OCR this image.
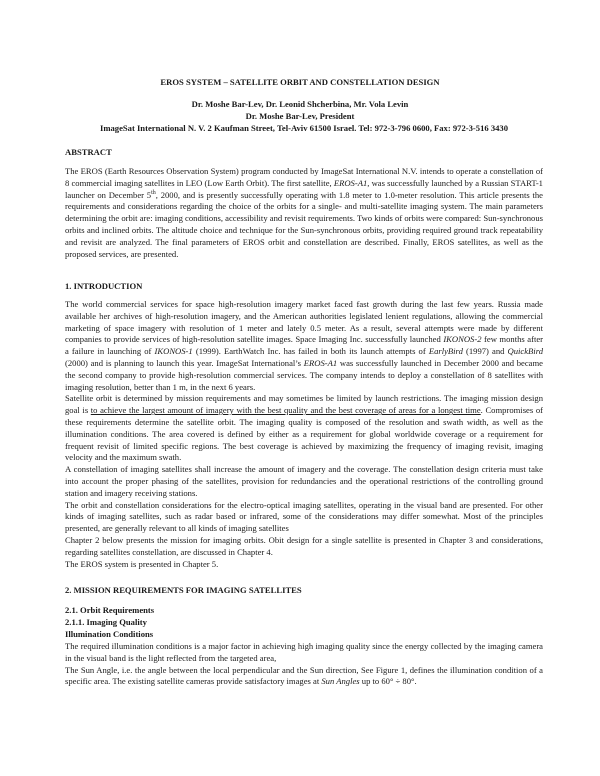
EROS SYSTEM – SATELLITE ORBIT AND CONSTELLATION DESIGN
Dr. Moshe Bar-Lev, Dr. Leonid Shcherbina, Mr. Vola Levin
Dr. Moshe Bar-Lev, President
ImageSat International N. V. 2 Kaufman Street, Tel-Aviv 61500 Israel. Tel: 972-3-796 0600, Fax: 972-3-516 3430
ABSTRACT

The EROS (Earth Resources Observation System) program conducted by ImageSat International N.V. intends to operate a constellation of 8 commercial imaging satellites in LEO (Low Earth Orbit). The first satellite, EROS-A1, was successfully launched by a Russian START-1 launcher on December 5th, 2000, and is presently successfully operating with 1.8 meter to 1.0-meter resolution. This article presents the requirements and considerations regarding the choice of the orbits for a single- and multi-satellite imaging system. The main parameters determining the orbit are: imaging conditions, accessibility and revisit requirements. Two kinds of orbits were compared: Sun-synchronous orbits and inclined orbits. The altitude choice and technique for the Sun-synchronous orbits, providing required ground track repeatability and revisit are analyzed. The final parameters of EROS orbit and constellation are described. Finally, EROS satellites, as well as the proposed services, are presented.

1. INTRODUCTION

The world commercial services for space high-resolution imagery market faced fast growth during the last few years. Russia made available her archives of high-resolution imagery, and the American authorities legislated lenient regulations, allowing the commercial marketing of space imagery with resolution of 1 meter and lately 0.5 meter. As a result, several attempts were made by different companies to provide services of high-resolution satellite images. Space Imaging Inc. successfully launched IKONOS-2 few months after a failure in launching of IKONOS-1 (1999). EarthWatch Inc. has failed in both its launch attempts of EarlyBird (1997) and QuickBird (2000) and is planning to launch this year. ImageSat International’s EROS-A1 was successfully launched in December 2000 and became the second company to provide high-resolution commercial services. The company intends to deploy a constellation of 8 satellites with imaging resolution, better than 1 m, in the next 6 years.

Satellite orbit is determined by mission requirements and may sometimes be limited by launch restrictions. The imaging mission design goal is to achieve the largest amount of imagery with the best quality and the best coverage of areas for a longest time. Compromises of these requirements determine the satellite orbit. The imaging quality is composed of the resolution and swath width, as well as the illumination conditions. The area covered is defined by either as a requirement for global worldwide coverage or a requirement for frequent revisit of limited specific regions. The best coverage is achieved by maximizing the frequency of imaging revisit, imaging velocity and the maximum swath.

A constellation of imaging satellites shall increase the amount of imagery and the coverage. The constellation design criteria must take into account the proper phasing of the satellites, provision for redundancies and the operational restrictions of the controlling ground station and imagery receiving stations.

The orbit and constellation considerations for the electro-optical imaging satellites, operating in the visual band are presented. For other kinds of imaging satellites, such as radar based or infrared, some of the considerations may differ somewhat. Most of the principles presented, are generally relevant to all kinds of imaging satellites

Chapter 2 below presents the mission for imaging orbits. Obit design for a single satellite is presented in Chapter 3 and considerations, regarding satellites constellation, are discussed in Chapter 4.

The EROS system is presented in Chapter 5.

2. MISSION REQUIREMENTS FOR IMAGING SATELLITES
2.1. Orbit Requirements
2.1.1. Imaging Quality
Illumination Conditions

The required illumination conditions is a major factor in achieving high imaging quality since the energy collected by the imaging camera in the visual band is the light reflected from the targeted area,

The Sun Angle, i.e. the angle between the local perpendicular and the Sun direction, See Figure 1, defines the illumination condition of a specific area. The existing satellite cameras provide satisfactory images at Sun Angles up to 60° ÷ 80°.
